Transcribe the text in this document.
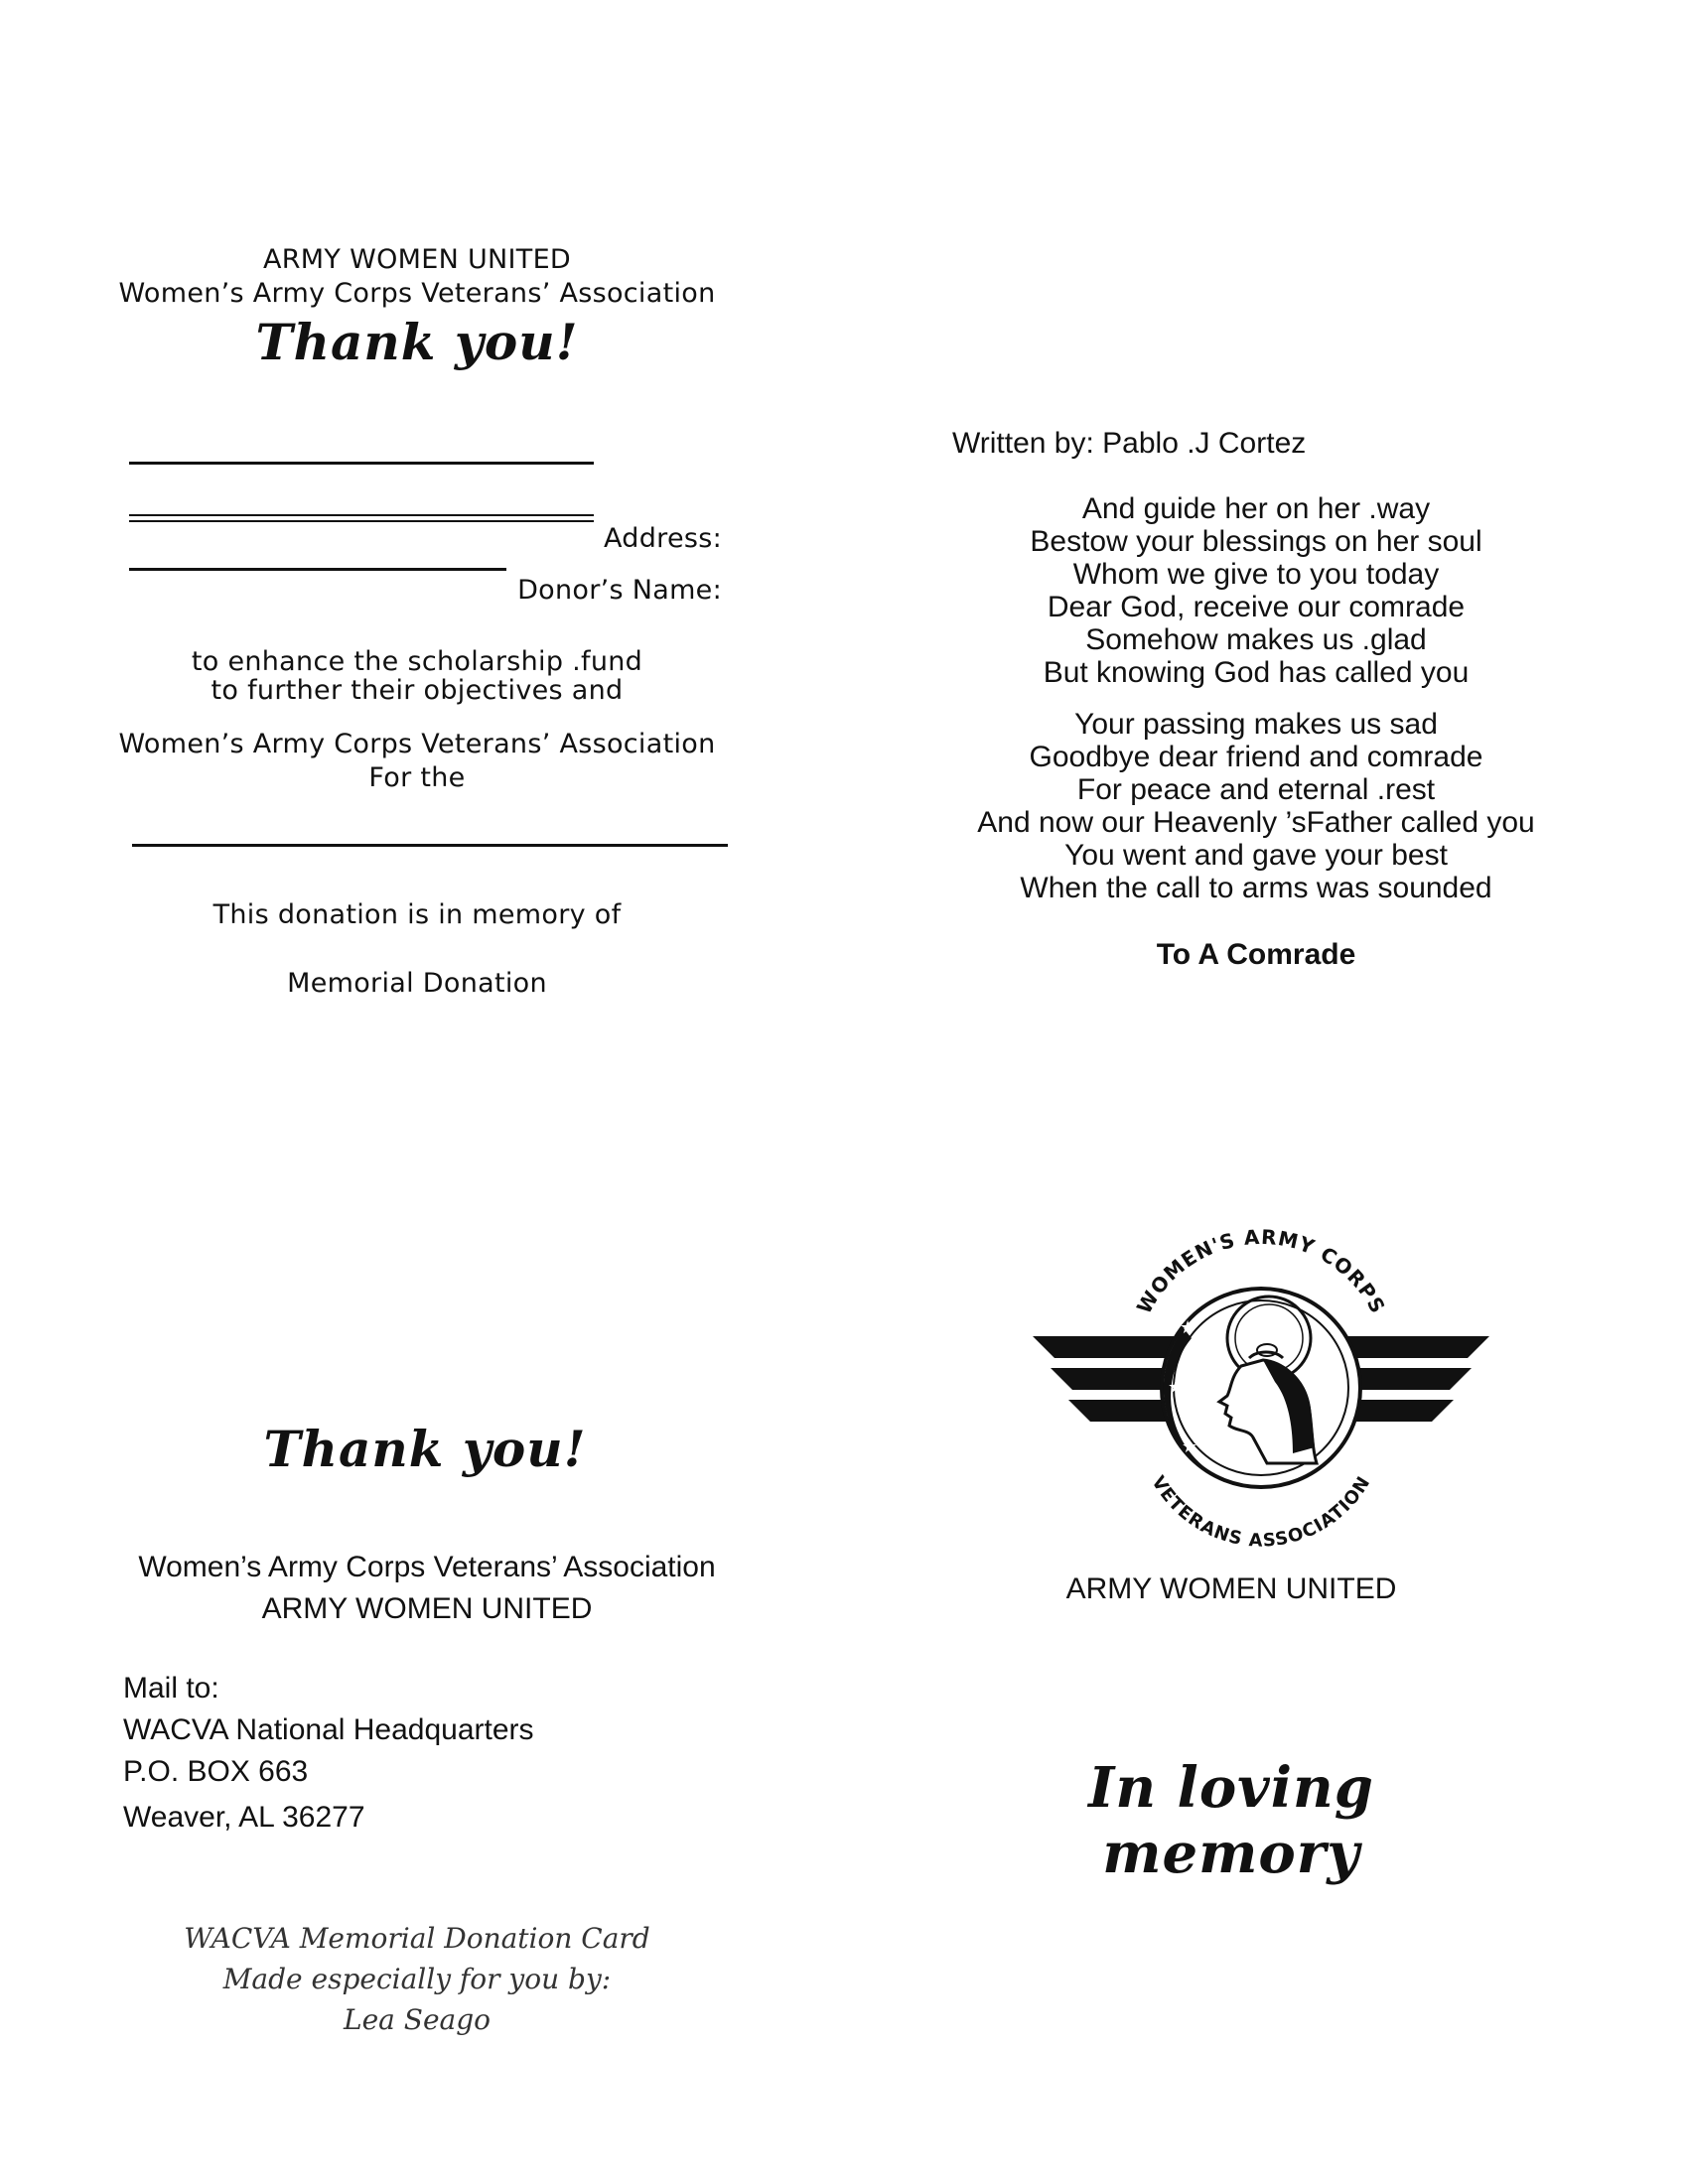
ARMY WOMEN UNITED
Women’s Army Corps Veterans’ Association
Thank you!
Address:
Donor’s Name:
to enhance the scholarship .fund
to further their objectives and
Women’s Army Corps Veterans’ Association
For the
This donation is in memory of
Memorial Donation
Written by: Pablo .J Cortez
And guide her on her .way
Bestow your blessings on her soul
Whom we give to you today
Dear God, receive our comrade
Somehow makes us .glad
But knowing God has called you
Your passing makes us sad
Goodbye dear friend and comrade
For peace and eternal .rest
And now our Heavenly ’sFather called you
You went and gave your best
When the call to arms was sounded
To A Comrade
Thank you!
Women’s Army Corps Veterans’ Association
ARMY WOMEN UNITED
Mail to:
WACVA National Headquarters
P.O. BOX 663
Weaver, AL 36277
WACVA Memorial Donation Card
Made especially for you by:
Lea Seago
★
★
★
WOMEN'S ARMY CORPS
VETERANS ASSOCIATION
ARMY WOMEN UNITED
In loving memory
